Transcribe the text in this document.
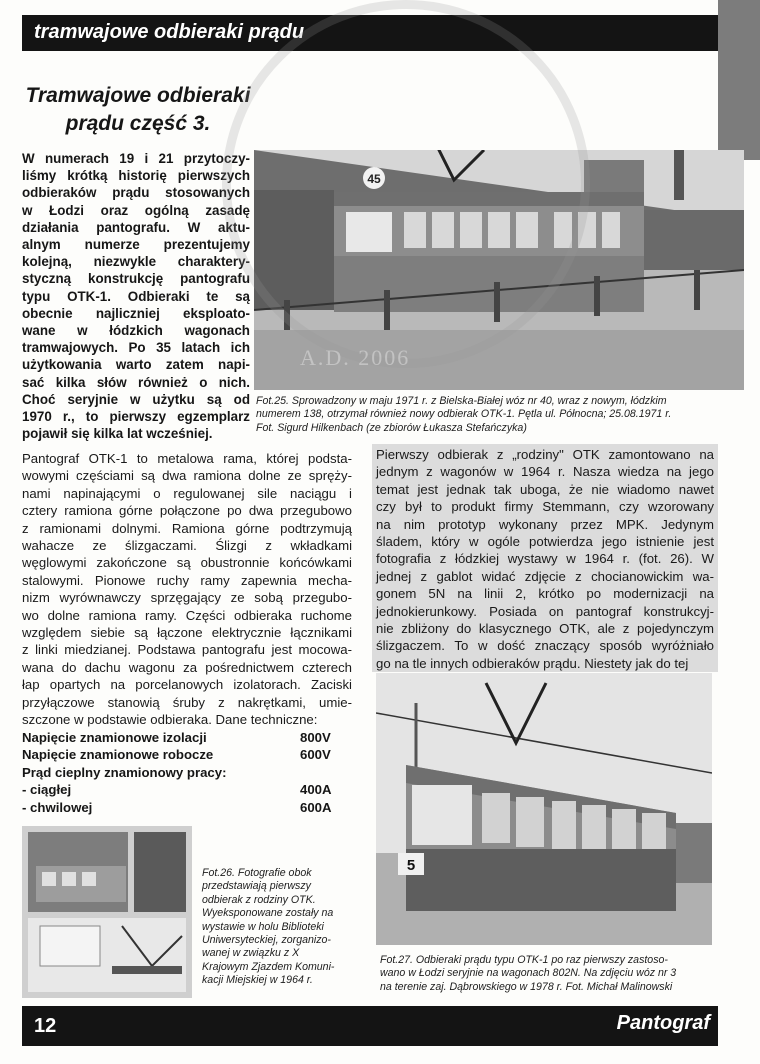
tramwajowe odbieraki prądu
Tramwajowe odbieraki
prądu część 3.
W numerach 19 i 21 przytoczy-
liśmy krótką historię pierwszych
odbieraków prądu stosowanych
w Łodzi oraz ogólną zasadę
działania pantografu. W aktu-
alnym numerze prezentujemy
kolejną, niezwykle charaktery-
styczną konstrukcję pantografu
typu OTK-1. Odbieraki te są
obecnie najliczniej eksploato-
wane w łódzkich wagonach
tramwajowych. Po 35 latach ich
użytkowania warto zatem napi-
sać kilka słów również o nich.
Choć seryjnie w użytku są od
1970 r., to pierwszy egzemplarz
pojawił się kilka lat wcześniej.
45
Fot.25. Sprowadzony w maju 1971 r. z Bielska-Białej wóz nr 40, wraz z nowym, łódzkim
numerem 138, otrzymał również nowy odbierak OTK-1. Pętla ul. Północna; 25.08.1971 r.
Fot. Sigurd Hilkenbach (ze zbiorów Łukasza Stefańczyka)
A.D. 2006
Pantograf OTK-1 to metalowa rama, której podsta-
wowymi częściami są dwa ramiona dolne ze spręży-
nami napinającymi o regulowanej sile naciągu i
cztery ramiona górne połączone po dwa przegubowo
z ramionami dolnymi. Ramiona górne podtrzymują
wahacze ze ślizgaczami. Ślizgi z wkładkami
węglowymi zakończone są obustronnie końcówkami
stalowymi. Pionowe ruchy ramy zapewnia mecha-
nizm wyrównawczy sprzęgający ze sobą przegubo-
wo dolne ramiona ramy. Części odbieraka ruchome
względem siebie są łączone elektrycznie łącznikami
z linki miedzianej. Podstawa pantografu jest mocowa-
wana do dachu wagonu za pośrednictwem czterech
łap opartych na porcelanowych izolatorach. Zaciski
przyłączowe stanowią śruby z nakrętkami, umie-
szczone w podstawie odbieraka. Dane techniczne:
Napięcie znamionowe izolacji	800V
Napięcie znamionowe robocze	600V
Prąd cieplny znamionowy pracy:
- ciągłej	400A
- chwilowej	600A
Pierwszy odbierak z „rodziny" OTK zamontowano na
jednym z wagonów w 1964 r. Nasza wiedza na jego
temat jest jednak tak uboga, że nie wiadomo nawet
czy był to produkt firmy Stemmann, czy wzorowany
na nim prototyp wykonany przez MPK. Jedynym
śladem, który w ogóle potwierdza jego istnienie jest
fotografia z łódzkiej wystawy w 1964 r. (fot. 26). W
jednej z gablot widać zdjęcie z chocianowickim wa-
gonem 5N na linii 2, krótko po modernizacji na
jednokierunkowy. Posiada on pantograf konstrukcyj-
nie zbliżony do klasycznego OTK, ale z pojedynczym
ślizgaczem. To w dość znaczący sposób wyróżniało
go na tle innych odbieraków prądu. Niestety jak do tej
Fot.26. Fotografie obok
przedstawiają pierwszy
odbierak z rodziny OTK.
Wyeksponowane zostały na
wystawie w holu Biblioteki
Uniwersyteckiej, zorganizo-
wanej w związku z X
Krajowym Zjazdem Komuni-
kacji Miejskiej w 1964 r.
5
Fot.27. Odbieraki prądu typu OTK-1 po raz pierwszy zastoso-
wano w Łodzi seryjnie na wagonach 802N. Na zdjęciu wóz nr 3
na terenie zaj. Dąbrowskiego w 1978 r. Fot. Michał Malinowski
12	Pantograf
